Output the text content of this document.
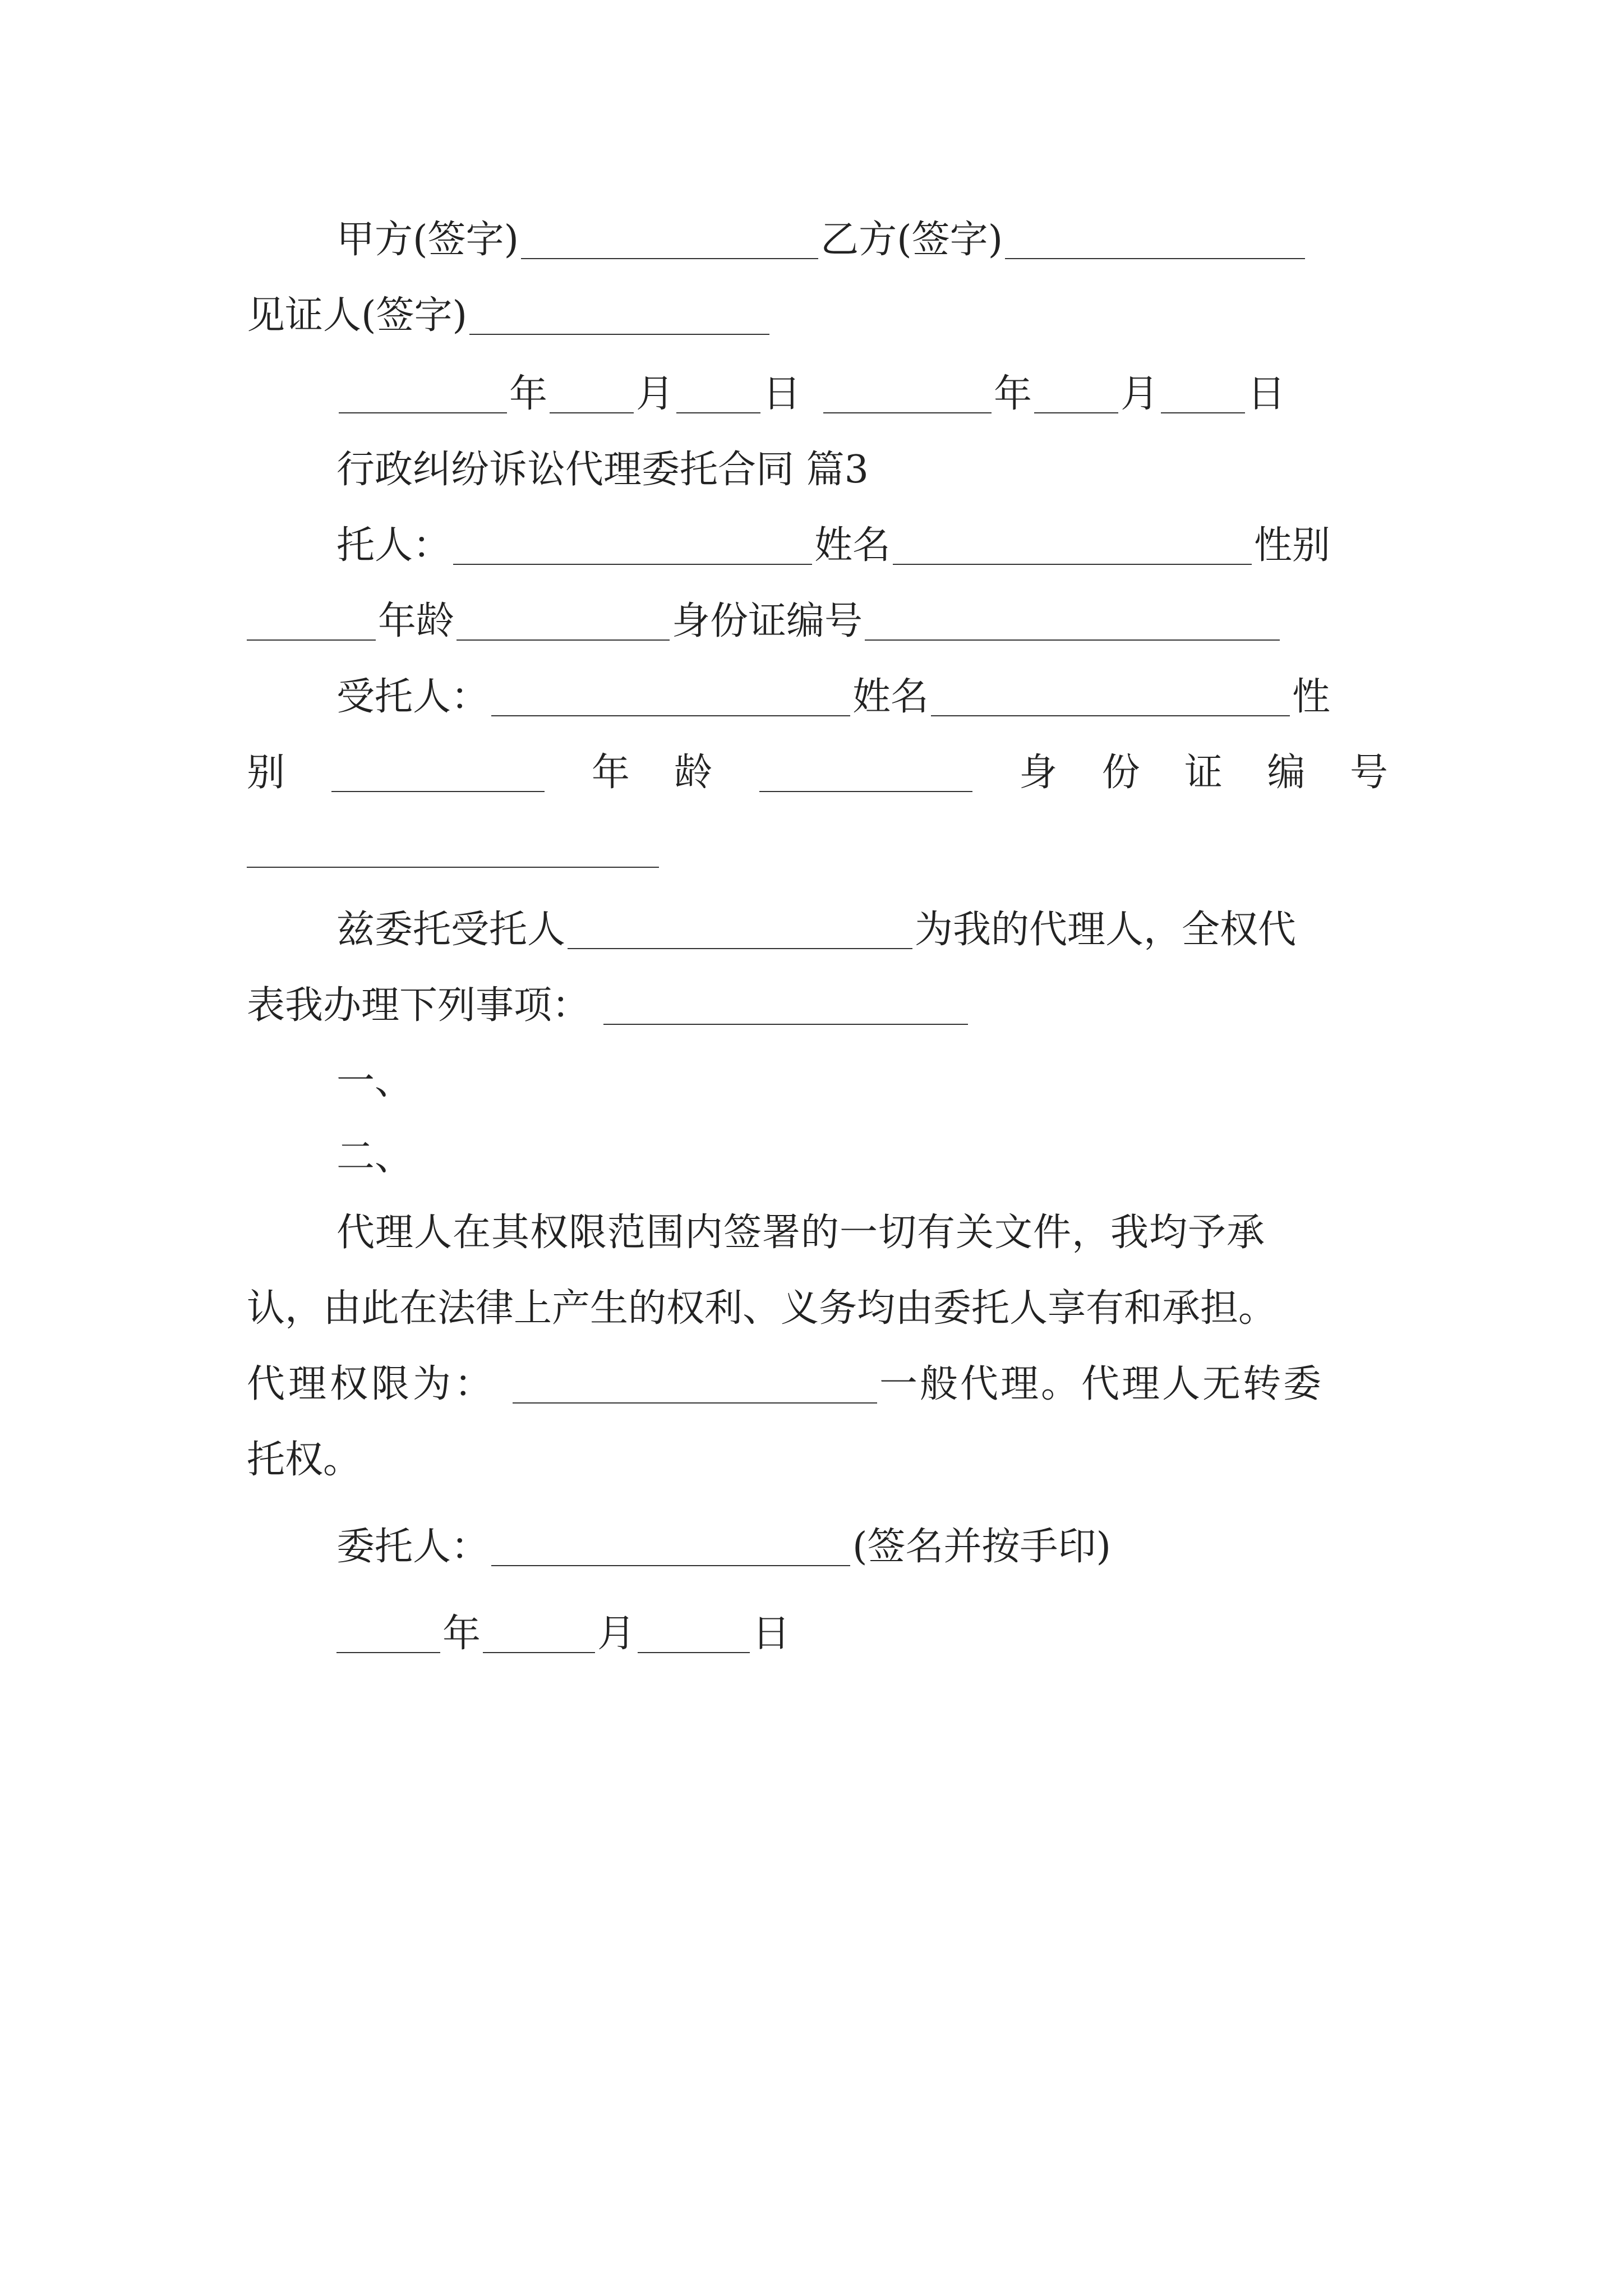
甲方(签字)	乙方(签字)
见证人(签字)
年 月 日	年 月 日
行政纠纷诉讼代理委托合同 篇3
托人：	姓名	性别
年龄	身份证编号
受托人：	姓名	性
别	年 龄	身 份 证 编 号
兹委托受托人	为我的代理人，全权代
表我办理下列事项：
一、
二、
代理人在其权限范围内签署的一切有关文件，我均予承
认，由此在法律上产生的权利、义务均由委托人享有和承担。
代理权限为：	一般代理。代理人无转委
托权。
委托人：	(签名并按手印)
年	月	日
